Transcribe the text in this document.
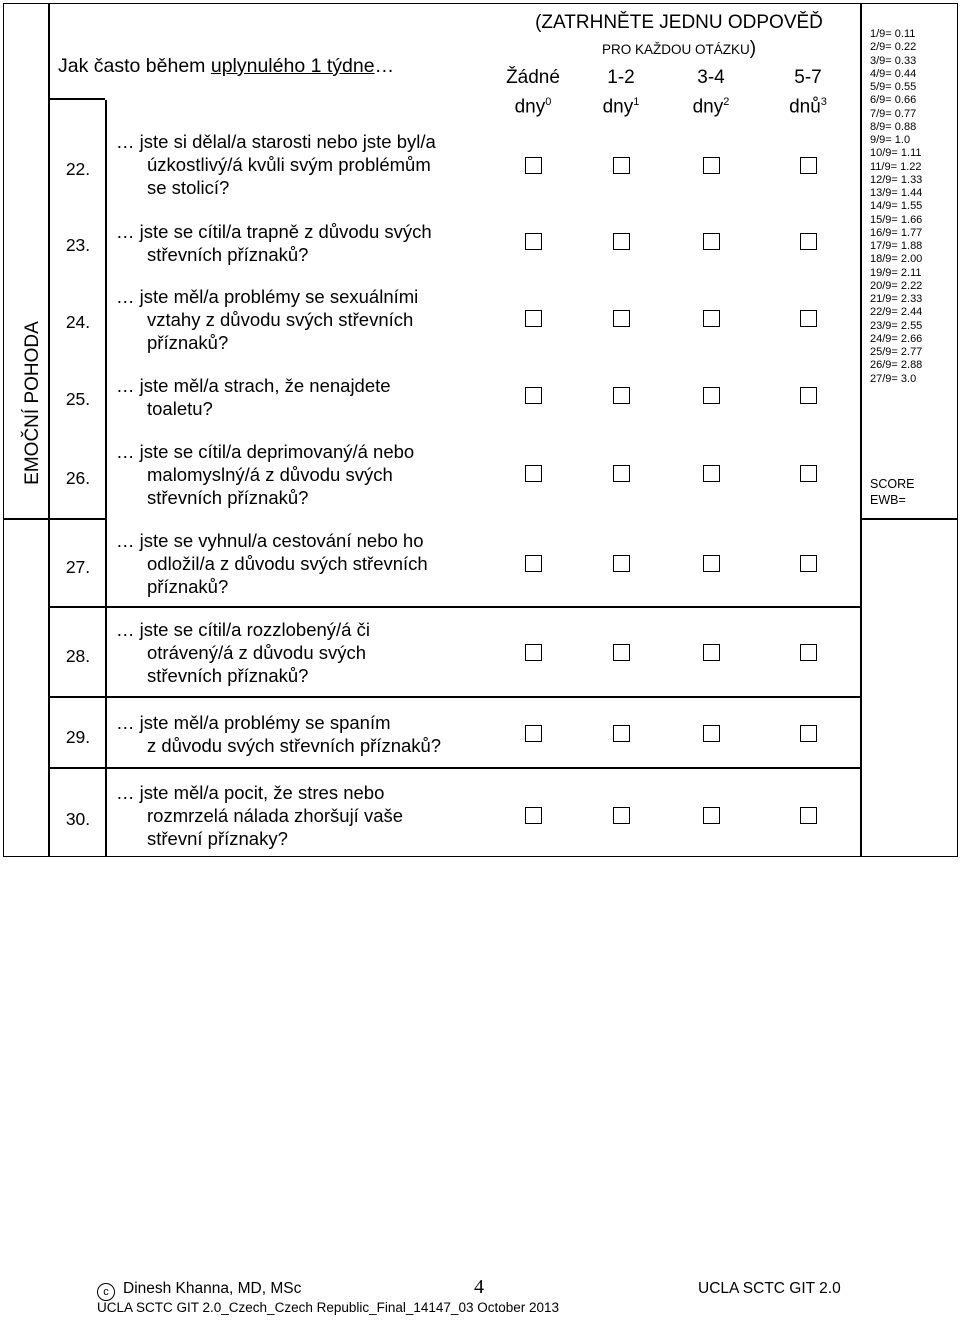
EMOČNÍ POHODA
Jak často během uplynulého 1 týdne…
(ZATRHNĚTE JEDNU ODPOVĚĎ
PRO KAŽDOU OTÁZKU)
Žádné
dny$^0$
1-2
dny$^1$
3-4
dny$^2$
5-7
dnů$^3$
22.
… jste si dělal/a starosti nebo jste byl/a
úzkostlivý/á kvůli svým problémům
se stolicí?
23.
… jste se cítil/a trapně z důvodu svých
střevních příznaků?
24.
… jste měl/a problémy se sexuálními
vztahy z důvodu svých střevních
příznaků?
25.
… jste měl/a strach, že nenajdete
toaletu?
26.
… jste se cítil/a deprimovaný/á nebo
malomyslný/á z důvodu svých
střevních příznaků?
27.
… jste se vyhnul/a cestování nebo ho
odložil/a z důvodu svých střevních
příznaků?
28.
… jste se cítil/a rozzlobený/á či
otrávený/á z důvodu svých
střevních příznaků?
29.
… jste měl/a problémy se spaním
z důvodu svých střevních příznaků?
30.
… jste měl/a pocit, že stres nebo
rozmrzelá nálada zhoršují vaše
střevní příznaky?
1/9= 0.11
2/9= 0.22
3/9= 0.33
4/9= 0.44
5/9= 0.55
6/9= 0.66
7/9= 0.77
8/9= 0.88
9/9= 1.0
10/9= 1.11
11/9= 1.22
12/9= 1.33
13/9= 1.44
14/9= 1.55
15/9= 1.66
16/9= 1.77
17/9= 1.88
18/9= 2.00
19/9= 2.11
20/9= 2.22
21/9= 2.33
22/9= 2.44
23/9= 2.55
24/9= 2.66
25/9= 2.77
26/9= 2.88
27/9= 3.0
SCORE
EWB=
c Dinesh Khanna, MD, MSc	4	UCLA SCTC GIT 2.0
UCLA SCTC GIT 2.0_Czech_Czech Republic_Final_14147_03 October 2013
